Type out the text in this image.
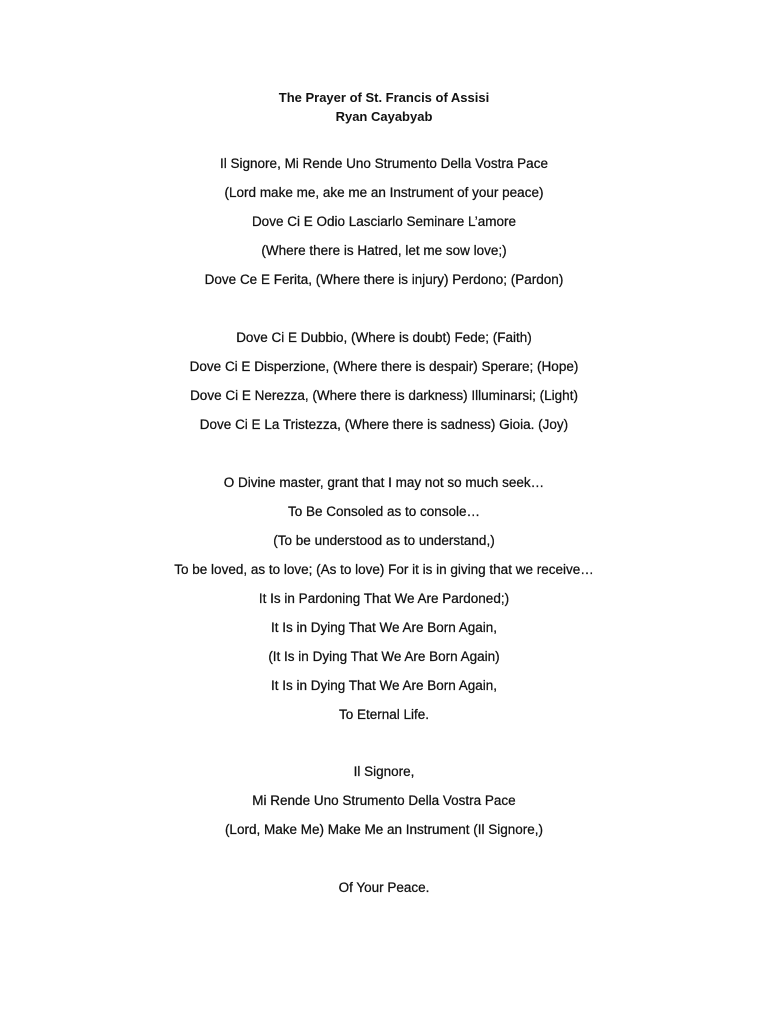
The Prayer of St. Francis of Assisi
Ryan Cayabyab
Il Signore, Mi Rende Uno Strumento Della Vostra Pace
(Lord make me, ake me an Instrument of your peace)
Dove Ci E Odio Lasciarlo Seminare L’amore
(Where there is Hatred, let me sow love;)
Dove Ce E Ferita, (Where there is injury) Perdono; (Pardon)
Dove Ci E Dubbio, (Where is doubt) Fede; (Faith)
Dove Ci E Disperzione, (Where there is despair) Sperare; (Hope)
Dove Ci E Nerezza, (Where there is darkness) Illuminarsi; (Light)
Dove Ci E La Tristezza, (Where there is sadness) Gioia. (Joy)
O Divine master, grant that I may not so much seek…
To Be Consoled as to console…
(To be understood as to understand,)
To be loved, as to love; (As to love) For it is in giving that we receive…
It Is in Pardoning That We Are Pardoned;)
It Is in Dying That We Are Born Again,
(It Is in Dying That We Are Born Again)
It Is in Dying That We Are Born Again,
To Eternal Life.
Il Signore,
Mi Rende Uno Strumento Della Vostra Pace
(Lord, Make Me) Make Me an Instrument (Il Signore,)
Of Your Peace.
